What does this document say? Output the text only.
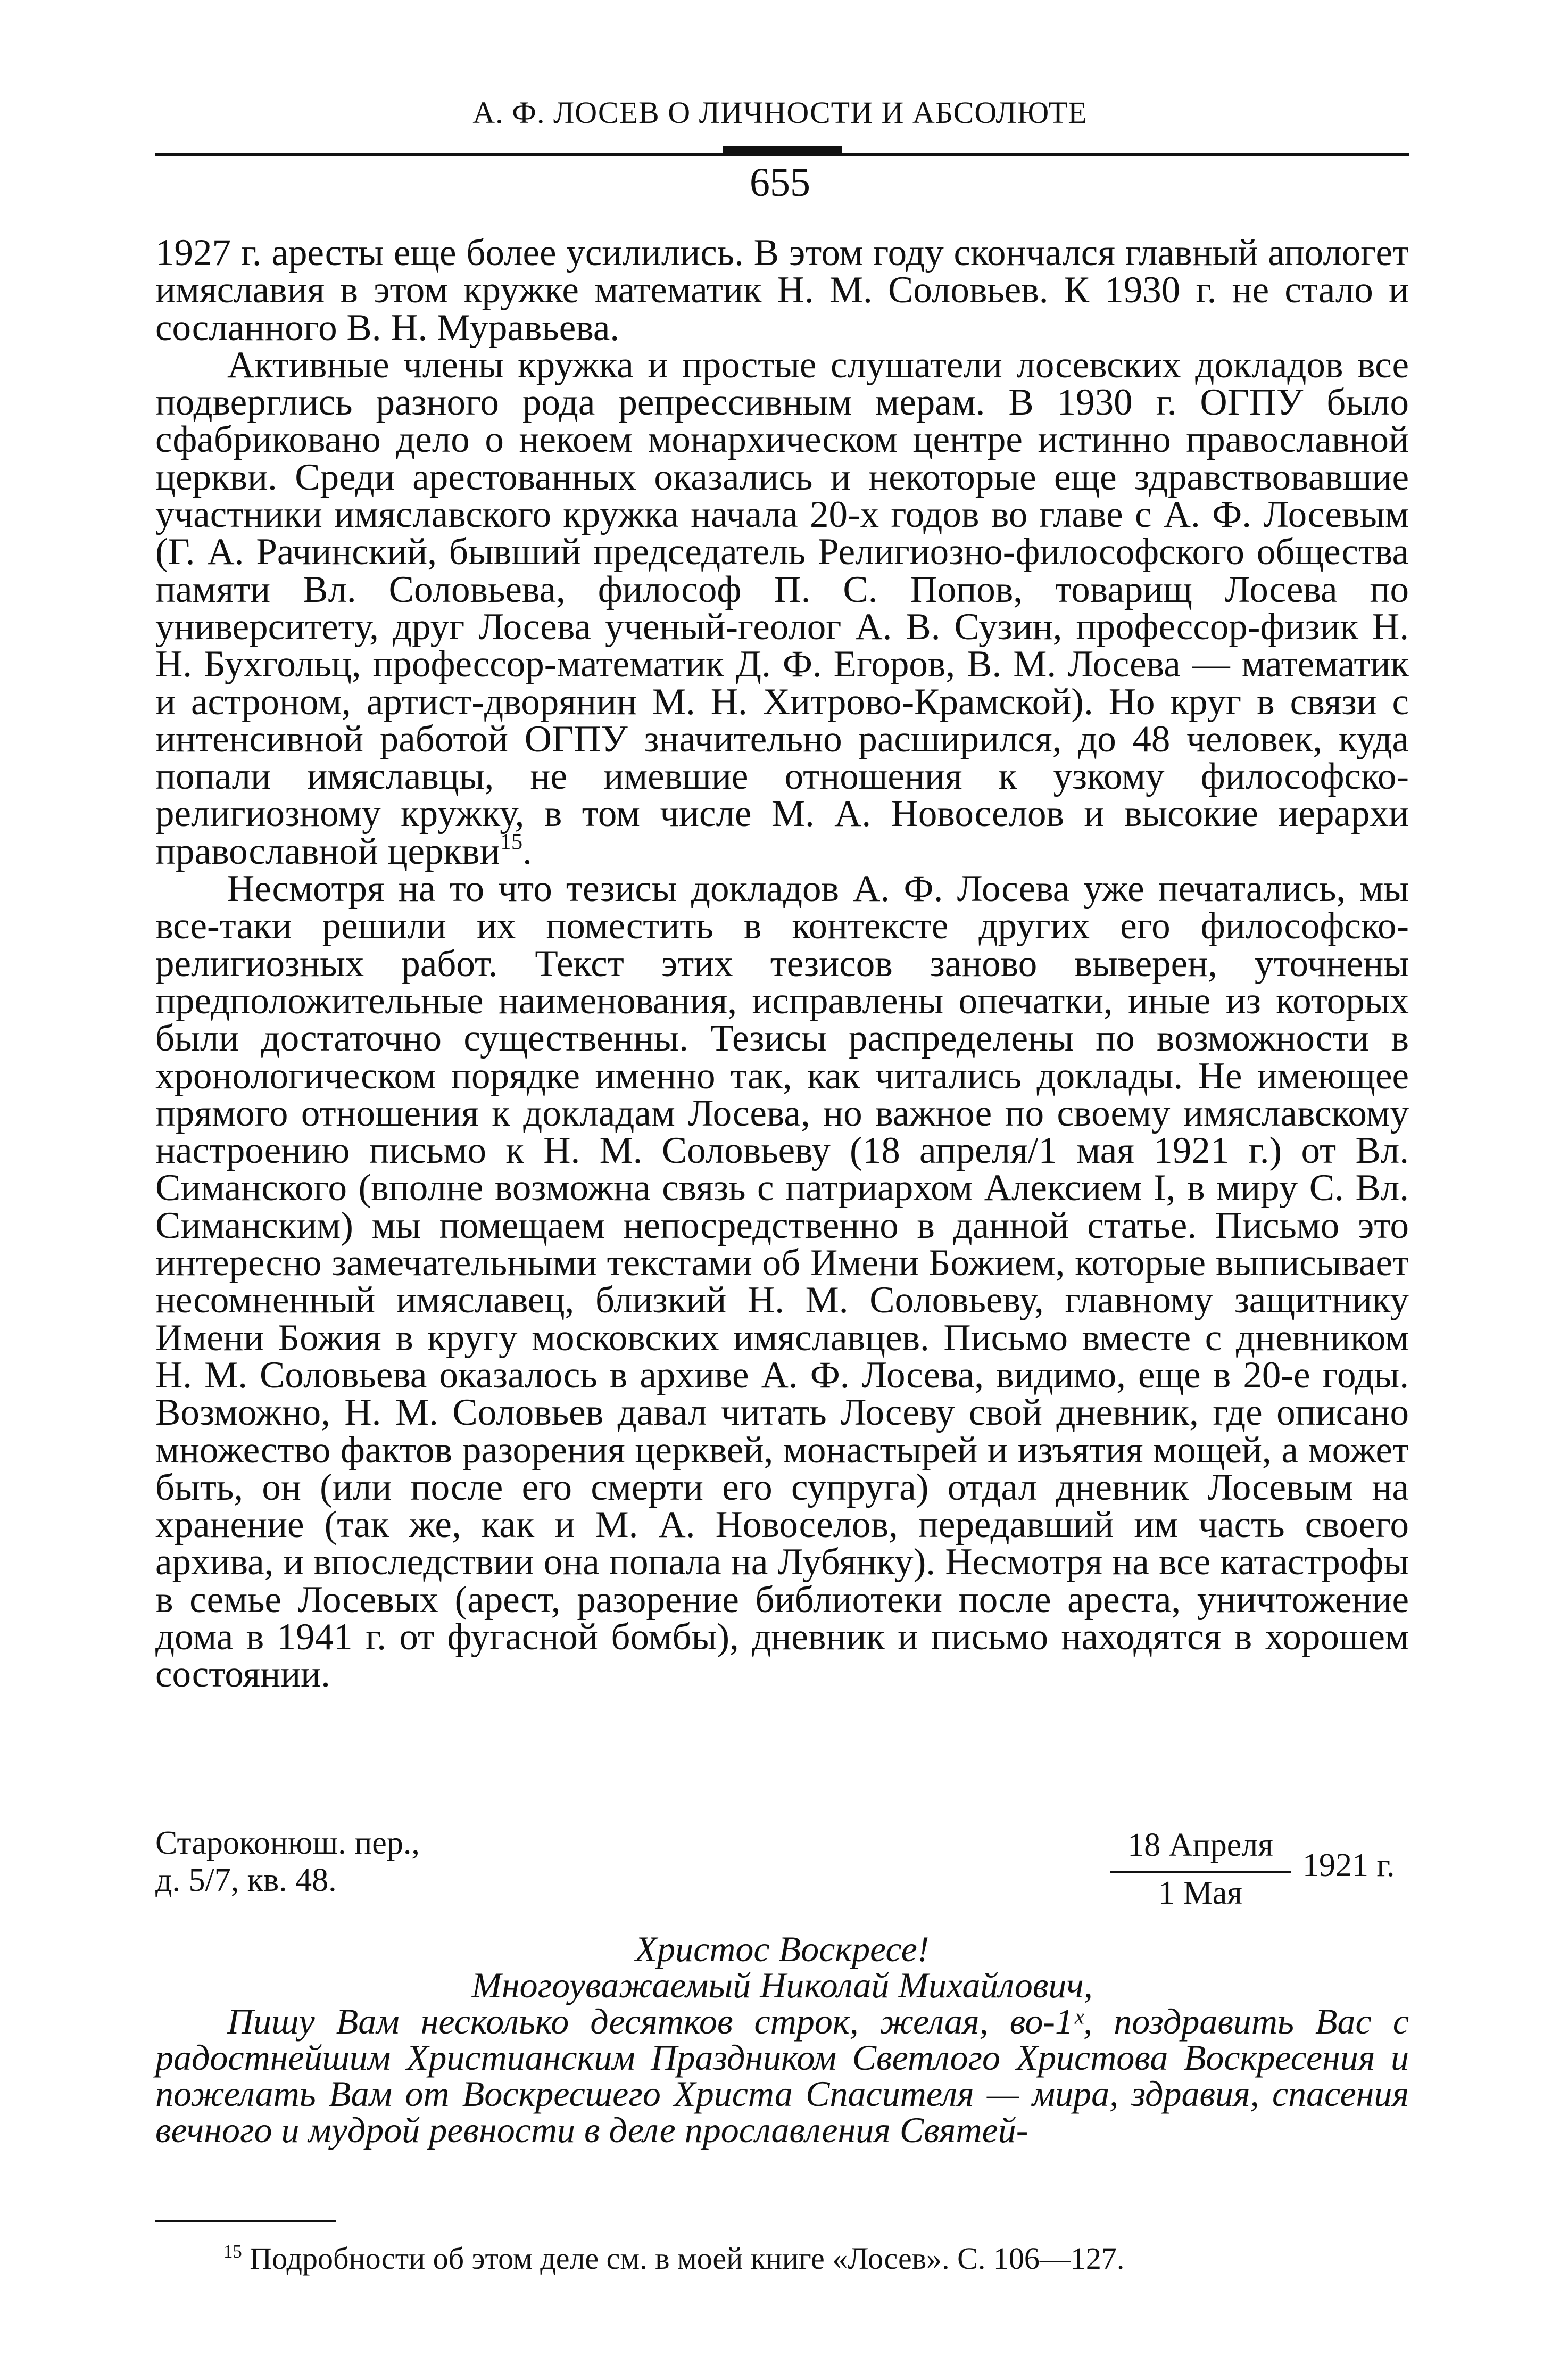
А. Ф. ЛОСЕВ О ЛИЧНОСТИ И АБСОЛЮТЕ
655

1927 г. аресты еще более усилились. В этом году скончался главный апологет имяславия в этом кружке математик Н. М. Соловьев. К 1930 г. не стало и сосланного В. Н. Муравьева.

Активные члены кружка и простые слушатели лосевских докладов все подверглись разного рода репрессивным мерам. В 1930 г. ОГПУ было сфабриковано дело о некоем монархическом центре истинно православной церкви. Среди арестованных оказались и некоторые еще здравствовавшие участники имяславского кружка начала 20-х годов во главе с А. Ф. Лосевым (Г. А. Рачинский, бывший председатель Религиозно-философского общества памяти Вл. Соловьева, философ П. С. Попов, товарищ Лосева по университету, друг Лосева ученый-геолог А. В. Сузин, профессор-физик Н. Н. Бухгольц, профессор-математик Д. Ф. Егоров, В. М. Лосева — математик и астроном, артист-дворянин М. Н. Хитрово-Крамской). Но круг в связи с интенсивной работой ОГПУ значительно расширился, до 48 человек, куда попали имяславцы, не имевшие отношения к узкому философско-религиозному кружку, в том числе М. А. Новоселов и высокие иерархи православной церкви$^{15}$.

Несмотря на то что тезисы докладов А. Ф. Лосева уже печатались, мы все-таки решили их поместить в контексте других его философско-религиозных работ. Текст этих тезисов заново выверен, уточнены предположительные наименования, исправлены опечатки, иные из которых были достаточно существенны. Тезисы распределены по возможности в хронологическом порядке именно так, как читались доклады. Не имеющее прямого отношения к докладам Лосева, но важное по своему имяславскому настроению письмо к Н. М. Соловьеву (18 апреля/1 мая 1921 г.) от Вл. Симанского (вполне возможна связь с патриархом Алексием I, в миру С. Вл. Симанским) мы помещаем непосредственно в данной статье. Письмо это интересно замечательными текстами об Имени Божием, которые выписывает несомненный имяславец, близкий Н. М. Соловьеву, главному защитнику Имени Божия в кругу московских имяславцев. Письмо вместе с дневником Н. М. Соловьева оказалось в архиве А. Ф. Лосева, видимо, еще в 20-е годы. Возможно, Н. М. Соловьев давал читать Лосеву свой дневник, где описано множество фактов разорения церквей, монастырей и изъятия мощей, а может быть, он (или после его смерти его супруга) отдал дневник Лосевым на хранение (так же, как и М. А. Новоселов, передавший им часть своего архива, и впоследствии она попала на Лубянку). Несмотря на все катастрофы в семье Лосевых (арест, разорение библиотеки после ареста, уничтожение дома в 1941 г. от фугасной бомбы), дневник и письмо находятся в хорошем состоянии.

Староконюш. пер.,
д. 5/7, кв. 48.
18 Апреля
1 Мая
1921 г.

Христос Воскресе!

Многоуважаемый Николай Михайлович,

Пишу Вам несколько десятков строк, желая, во-1ˣ, поздравить Вас с радостнейшим Христианским Праздником Светлого Христова Воскресения и пожелать Вам от Воскресшего Христа Спасителя — мира, здравия, спасения вечного и мудрой ревности в деле прославления Святей-

$^{15}$ Подробности об этом деле см. в моей книге «Лосев». С. 106—127.
